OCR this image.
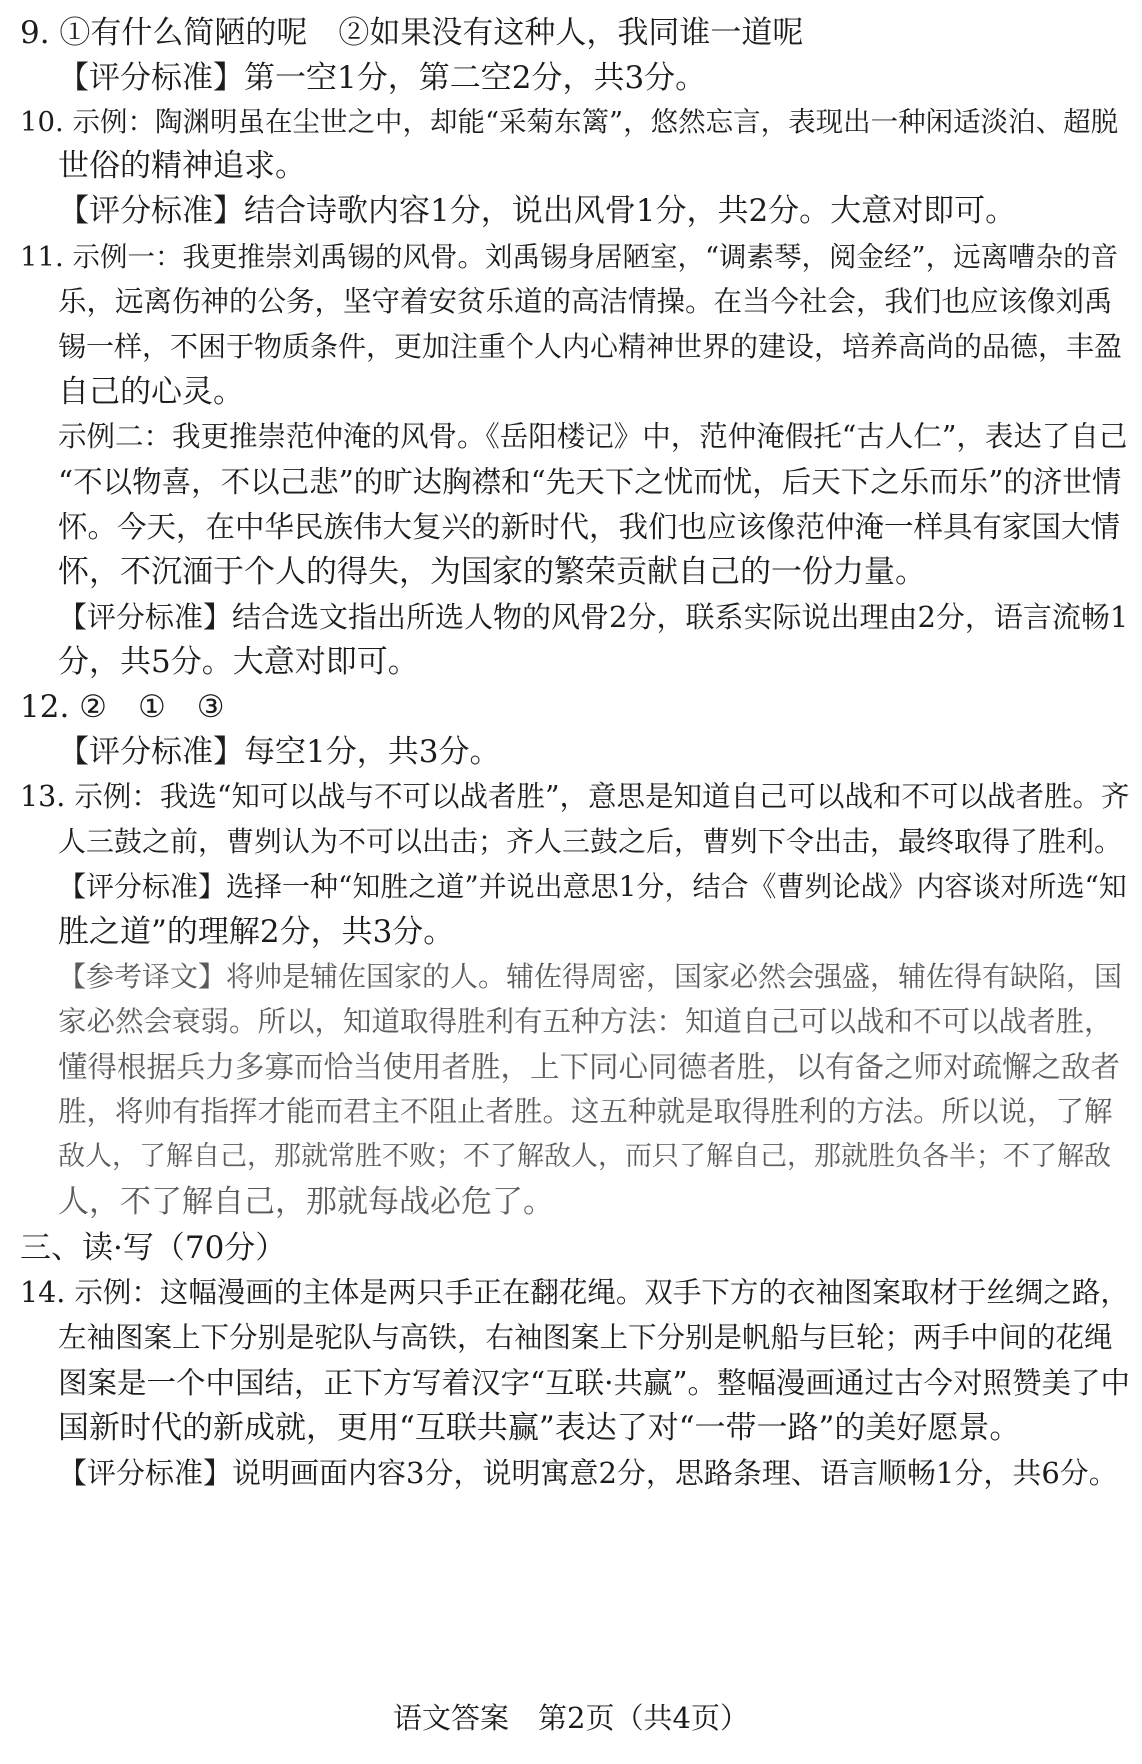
9. ①有什么简陋的呢　②如果没有这种人，我同谁一道呢
【评分标准】第一空1分，第二空2分，共3分。
10. 示例：陶渊明虽在尘世之中，却能“采菊东篱”，悠然忘言，表现出一种闲适淡泊、超脱
世俗的精神追求。
【评分标准】结合诗歌内容1分，说出风骨1分，共2分。大意对即可。
11. 示例一：我更推崇刘禹锡的风骨。刘禹锡身居陋室，“调素琴，阅金经”，远离嘈杂的音
乐，远离伤神的公务，坚守着安贫乐道的高洁情操。在当今社会，我们也应该像刘禹
锡一样，不困于物质条件，更加注重个人内心精神世界的建设，培养高尚的品德，丰盈
自己的心灵。
示例二：我更推崇范仲淹的风骨。《岳阳楼记》中，范仲淹假托“古人仁”，表达了自己
“不以物喜，不以己悲”的旷达胸襟和“先天下之忧而忧，后天下之乐而乐”的济世情
怀。今天，在中华民族伟大复兴的新时代，我们也应该像范仲淹一样具有家国大情
怀，不沉湎于个人的得失，为国家的繁荣贡献自己的一份力量。
【评分标准】结合选文指出所选人物的风骨2分，联系实际说出理由2分，语言流畅1
分，共5分。大意对即可。
12. ②　①　③
【评分标准】每空1分，共3分。
13. 示例：我选“知可以战与不可以战者胜”，意思是知道自己可以战和不可以战者胜。齐
人三鼓之前，曹刿认为不可以出击；齐人三鼓之后，曹刿下令出击，最终取得了胜利。
【评分标准】选择一种“知胜之道”并说出意思1分，结合《曹刿论战》内容谈对所选“知
胜之道”的理解2分，共3分。
【参考译文】将帅是辅佐国家的人。辅佐得周密，国家必然会强盛，辅佐得有缺陷，国
家必然会衰弱。所以，知道取得胜利有五种方法：知道自己可以战和不可以战者胜，
懂得根据兵力多寡而恰当使用者胜，上下同心同德者胜，以有备之师对疏懈之敌者
胜，将帅有指挥才能而君主不阻止者胜。这五种就是取得胜利的方法。所以说，了解
敌人，了解自己，那就常胜不败；不了解敌人，而只了解自己，那就胜负各半；不了解敌
人，不了解自己，那就每战必危了。
三、读·写（70分）
14. 示例：这幅漫画的主体是两只手正在翻花绳。双手下方的衣袖图案取材于丝绸之路，
左袖图案上下分别是驼队与高铁，右袖图案上下分别是帆船与巨轮；两手中间的花绳
图案是一个中国结，正下方写着汉字“互联·共赢”。整幅漫画通过古今对照赞美了中
国新时代的新成就，更用“互联共赢”表达了对“一带一路”的美好愿景。
【评分标准】说明画面内容3分，说明寓意2分，思路条理、语言顺畅1分，共6分。
语文答案　第2页（共4页）
